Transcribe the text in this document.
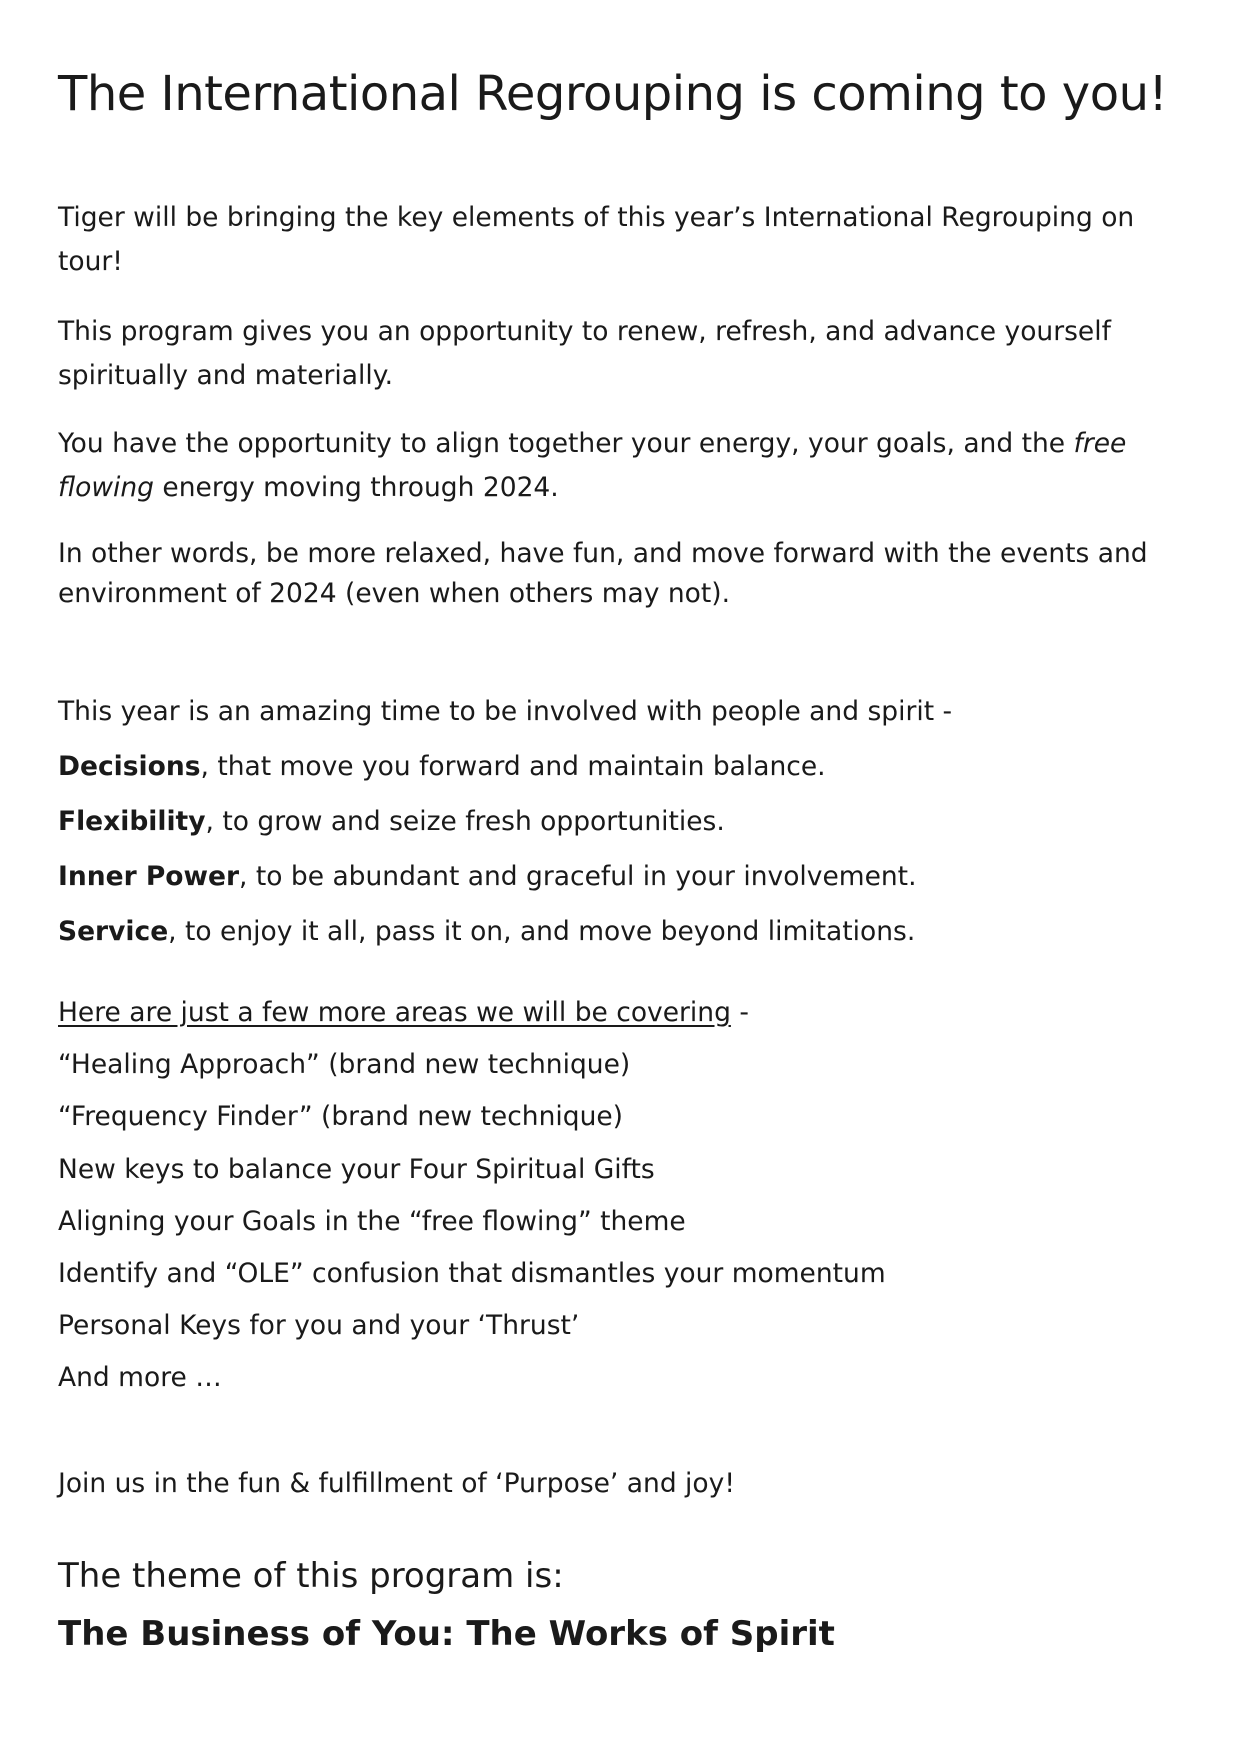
The International Regrouping is coming to you!

Tiger will be bringing the key elements of this year’s International Regrouping on tour!

This program gives you an opportunity to renew, refresh, and advance yourself spiritually and materially.

You have the opportunity to align together your energy, your goals, and the free flowing energy moving through 2024.

In other words, be more relaxed, have fun, and move forward with the events and environment of 2024 (even when others may not).

This year is an amazing time to be involved with people and spirit -

Decisions, that move you forward and maintain balance.

Flexibility, to grow and seize fresh opportunities.

Inner Power, to be abundant and graceful in your involvement.

Service, to enjoy it all, pass it on, and move beyond limitations.

Here are just a few more areas we will be covering -

“Healing Approach” (brand new technique)

“Frequency Finder” (brand new technique)

New keys to balance your Four Spiritual Gifts

Aligning your Goals in the “free flowing” theme

Identify and “OLE” confusion that dismantles your momentum

Personal Keys for you and your ‘Thrust’

And more …

Join us in the fun & fulfillment of ‘Purpose’ and joy!

The theme of this program is:
The Business of You: The Works of Spirit
